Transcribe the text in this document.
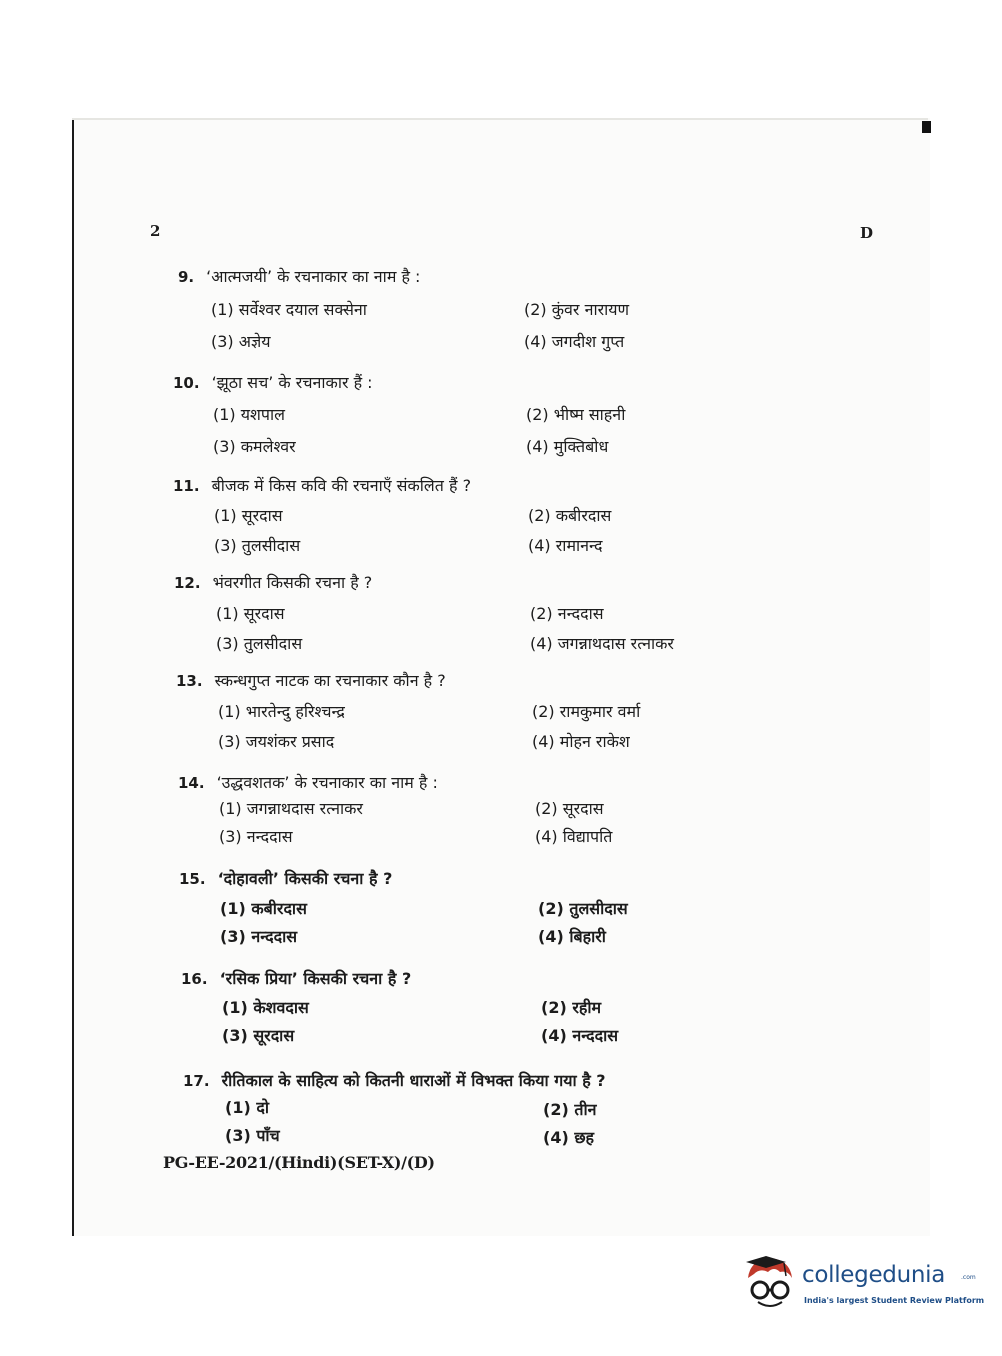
2	D
9. ‘आत्मजयी’ के रचनाकार का नाम है :
(1) सर्वेश्वर दयाल सक्सेना	(2) कुंवर नारायण
(3) अज्ञेय	(4) जगदीश गुप्त
10. ‘झूठा सच’ के रचनाकार हैं :
(1) यशपाल	(2) भीष्म साहनी
(3) कमलेश्वर	(4) मुक्तिबोध
11. बीजक में किस कवि की रचनाएँ संकलित हैं ?
(1) सूरदास	(2) कबीरदास
(3) तुलसीदास	(4) रामानन्द
12. भंवरगीत किसकी रचना है ?
(1) सूरदास	(2) नन्ददास
(3) तुलसीदास	(4) जगन्नाथदास रत्नाकर
13. स्कन्धगुप्त नाटक का रचनाकार कौन है ?
(1) भारतेन्दु हरिश्चन्द्र	(2) रामकुमार वर्मा
(3) जयशंकर प्रसाद	(4) मोहन राकेश
14. ‘उद्धवशतक’ के रचनाकार का नाम है :
(1) जगन्नाथदास रत्नाकर	(2) सूरदास
(3) नन्ददास	(4) विद्यापति
15. ‘दोहावली’ किसकी रचना है ?
(1) कबीरदास	(2) तुलसीदास
(3) नन्ददास	(4) बिहारी
16. ‘रसिक प्रिया’ किसकी रचना है ?
(1) केशवदास	(2) रहीम
(3) सूरदास	(4) नन्ददास
17. रीतिकाल के साहित्य को कितनी धाराओं में विभक्त किया गया है ?
(1) दो	(2) तीन
(3) पाँच	(4) छह
PG-EE-2021/(Hindi)(SET-X)/(D)
collegedunia	.com
India's largest Student Review Platform
